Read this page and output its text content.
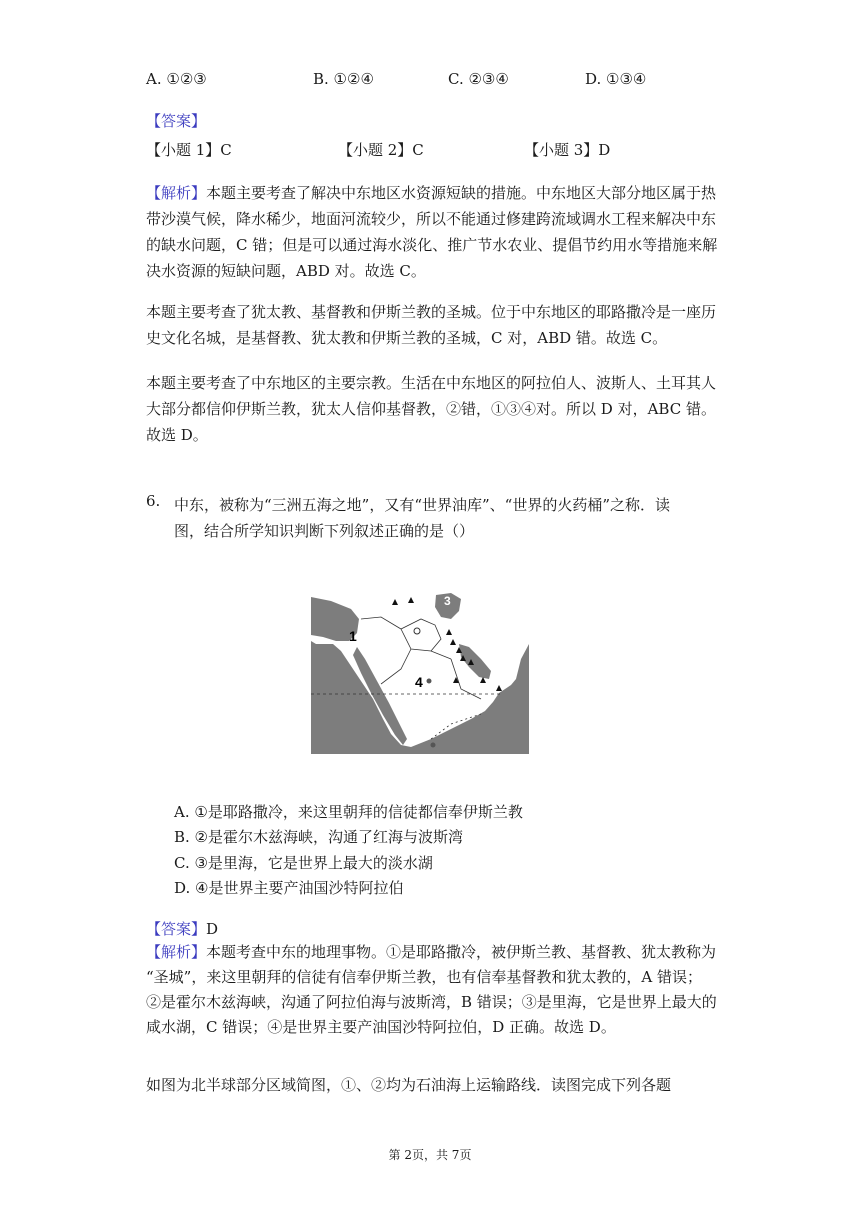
A. ①②③	B. ①②④	C. ②③④	D. ①③④
【答案】
【小题 1】C	【小题 2】C	【小题 3】D

【解析】本题主要考查了解决中东地区水资源短缺的措施。中东地区大部分地区属于热

带沙漠气候，降水稀少，地面河流较少，所以不能通过修建跨流域调水工程来解决中东

的缺水问题，C 错；但是可以通过海水淡化、推广节水农业、提倡节约用水等措施来解

决水资源的短缺问题，ABD 对。故选 C。

本题主要考查了犹太教、基督教和伊斯兰教的圣城。位于中东地区的耶路撒冷是一座历

史文化名城，是基督教、犹太教和伊斯兰教的圣城，C 对，ABD 错。故选 C。

本题主要考查了中东地区的主要宗教。生活在中东地区的阿拉伯人、波斯人、土耳其人

大部分都信仰伊斯兰教，犹太人信仰基督教，②错，①③④对。所以 D 对，ABC 错。

故选 D。

6. 中东，被称为“三洲五海之地”，又有“世界油库”、“世界的火药桶”之称．读

图，结合所学知识判断下列叙述正确的是（）

1
3
4
A. ①是耶路撒冷，来这里朝拜的信徒都信奉伊斯兰教
B. ②是霍尔木兹海峡，沟通了红海与波斯湾
C. ③是里海，它是世界上最大的淡水湖
D. ④是世界主要产油国沙特阿拉伯
【答案】D

【解析】本题考查中东的地理事物。①是耶路撒冷，被伊斯兰教、基督教、犹太教称为

“圣城”，来这里朝拜的信徒有信奉伊斯兰教，也有信奉基督教和犹太教的，A 错误；

②是霍尔木兹海峡，沟通了阿拉伯海与波斯湾，B 错误；③是里海，它是世界上最大的

咸水湖，C 错误；④是世界主要产油国沙特阿拉伯，D 正确。故选 D。

如图为北半球部分区域简图，①、②均为石油海上运输路线．读图完成下列各题
第 2页，共 7页
